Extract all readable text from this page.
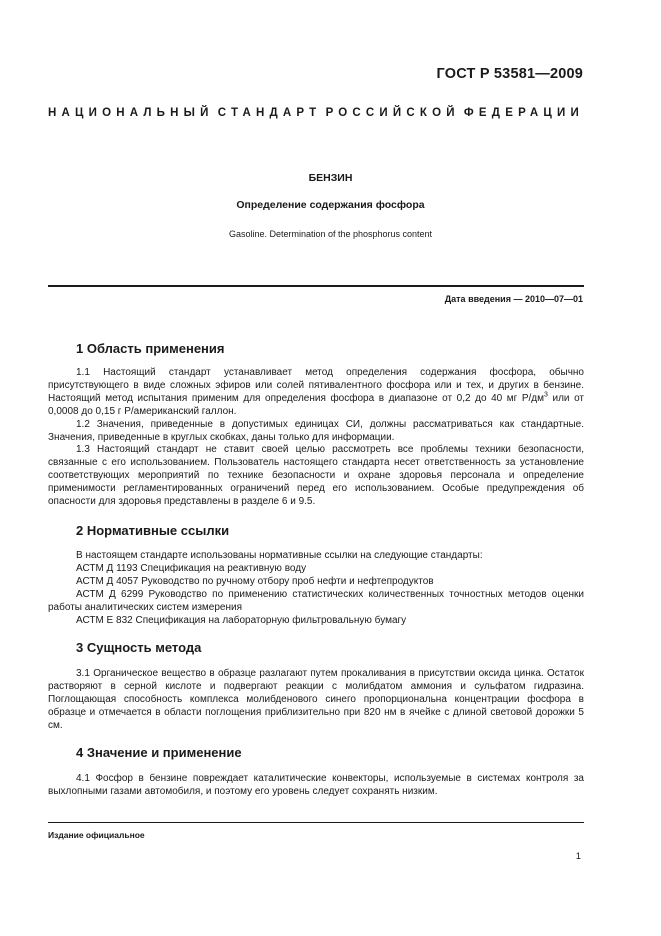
ГОСТ Р 53581—2009
НАЦИОНАЛЬНЫЙ СТАНДАРТ РОССИЙСКОЙ ФЕДЕРАЦИИ
БЕНЗИН
Определение содержания фосфора
Gasoline. Determination of the phosphorus content
Дата введения — 2010—07—01
1 Область применения

1.1 Настоящий стандарт устанавливает метод определения содержания фосфора, обычно присутствующего в виде сложных эфиров или солей пятивалентного фосфора или и тех, и других в бензине. Настоящий метод испытания применим для определения фосфора в диапазоне от 0,2 до 40 мг $Р/дм^3$ или от 0,0008 до 0,15 г Р/американский галлон.

1.2 Значения, приведенные в допустимых единицах СИ, должны рассматриваться как стандартные. Значения, приведенные в круглых скобках, даны только для информации.

1.3 Настоящий стандарт не ставит своей целью рассмотреть все проблемы техники безопасности, связанные с его использованием. Пользователь настоящего стандарта несет ответственность за установление соответствующих мероприятий по технике безопасности и охране здоровья персонала и определение применимости регламентированных ограничений перед его использованием. Особые предупреждения об опасности для здоровья представлены в разделе 6 и 9.5.

2 Нормативные ссылки

В настоящем стандарте использованы нормативные ссылки на следующие стандарты:

АСТМ Д 1193 Спецификация на реактивную воду

АСТМ Д 4057 Руководство по ручному отбору проб нефти и нефтепродуктов

АСТМ Д 6299 Руководство по применению статистических количественных точностных методов оценки работы аналитических систем измерения

АСТМ Е 832 Спецификация на лабораторную фильтровальную бумагу

3 Сущность метода

3.1 Органическое вещество в образце разлагают путем прокаливания в присутствии оксида цинка. Остаток растворяют в серной кислоте и подвергают реакции с молибдатом аммония и сульфатом гидразина. Поглощающая способность комплекса молибденового синего пропорциональна концентрации фосфора в образце и отмечается в области поглощения приблизительно при 820 нм в ячейке с длиной световой дорожки 5 см.

4 Значение и применение

4.1 Фосфор в бензине повреждает каталитические конвекторы, используемые в системах контроля за выхлопными газами автомобиля, и поэтому его уровень следует сохранять низким.

Издание официальное
1
